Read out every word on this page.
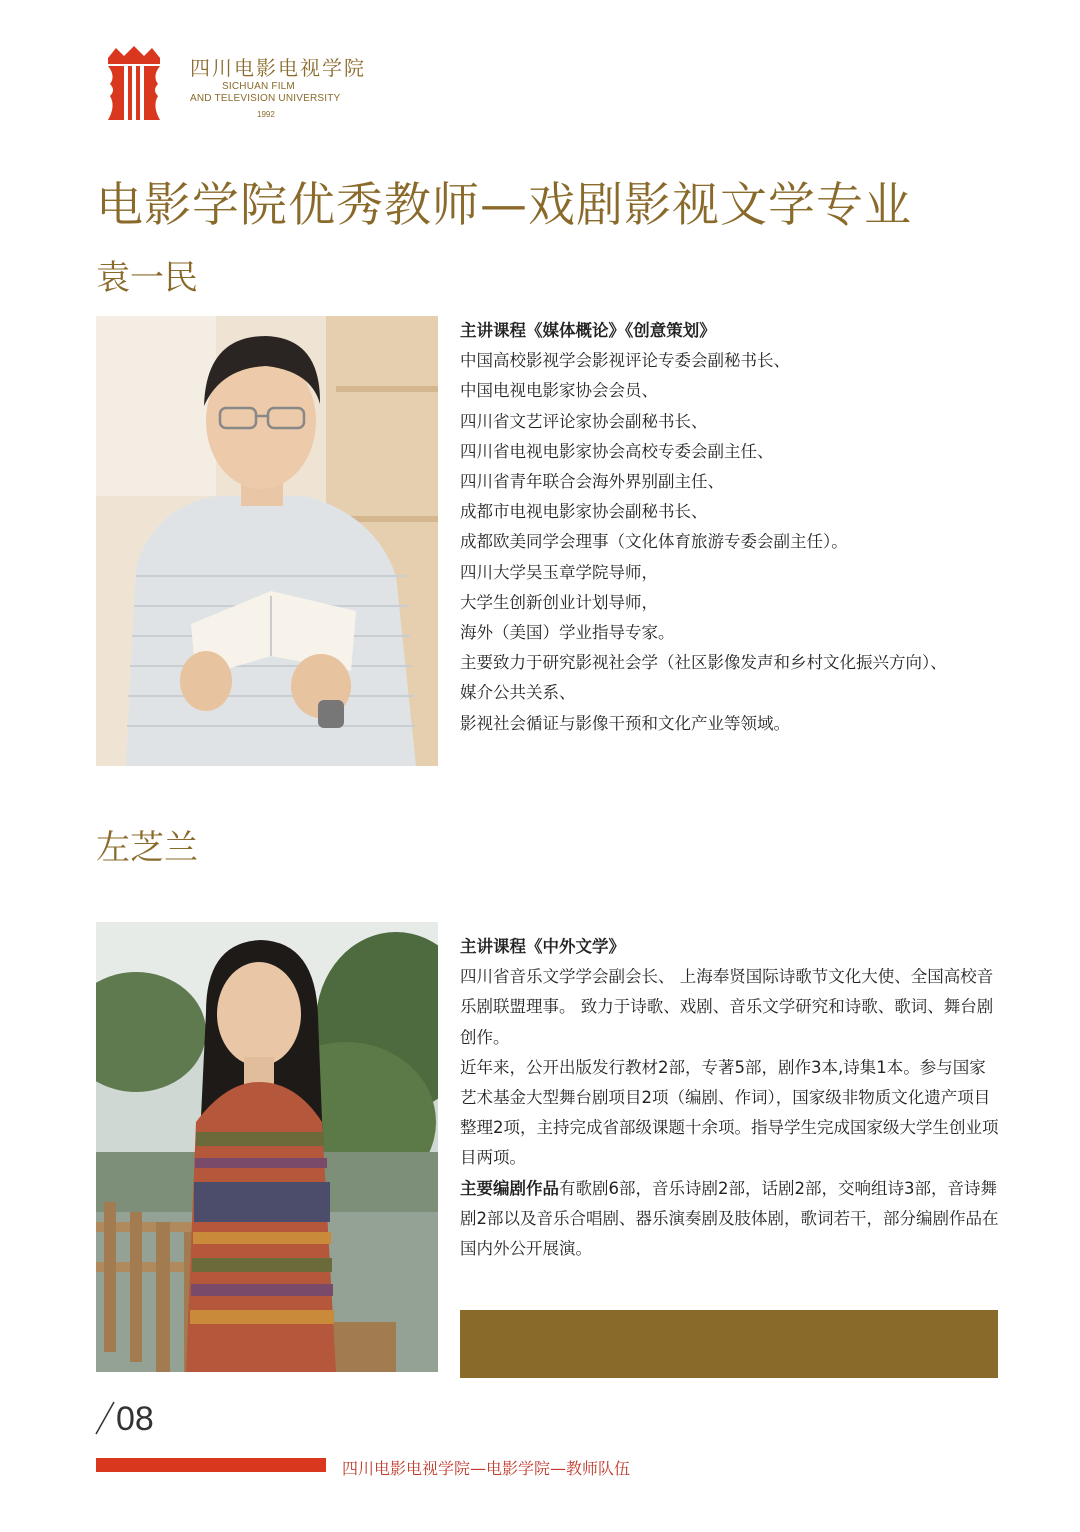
四川电影电视学院
SICHUAN FILM
AND TELEVISION UNIVERSITY
1992
电影学院优秀教师—戏剧影视文学专业
袁一民
主讲课程《媒体概论》《创意策划》
中国高校影视学会影视评论专委会副秘书长、
中国电视电影家协会会员、
四川省文艺评论家协会副秘书长、
四川省电视电影家协会高校专委会副主任、
四川省青年联合会海外界别副主任、
成都市电视电影家协会副秘书长、
成都欧美同学会理事（文化体育旅游专委会副主任）。
四川大学吴玉章学院导师，
大学生创新创业计划导师，
海外（美国）学业指导专家。
主要致力于研究影视社会学（社区影像发声和乡村文化振兴方向）、
媒介公共关系、
影视社会循证与影像干预和文化产业等领域。
左芝兰

主讲课程《中外文学》

四川省音乐文学学会副会长、 上海奉贤国际诗歌节文化大使、全国高校音乐剧联盟理事。 致力于诗歌、戏剧、音乐文学研究和诗歌、歌词、舞台剧创作。

近年来，公开出版发行教材2部，专著5部，剧作3本,诗集1本。参与国家艺术基金大型舞台剧项目2项（编剧、作词），国家级非物质文化遗产项目整理2项，主持完成省部级课题十余项。指导学生完成国家级大学生创业项目两项。

主要编剧作品有歌剧6部，音乐诗剧2部，话剧2部，交响组诗3部，音诗舞剧2部以及音乐合唱剧、器乐演奏剧及肢体剧，歌词若干，部分编剧作品在国内外公开展演。

08
四川电影电视学院—电影学院—教师队伍
